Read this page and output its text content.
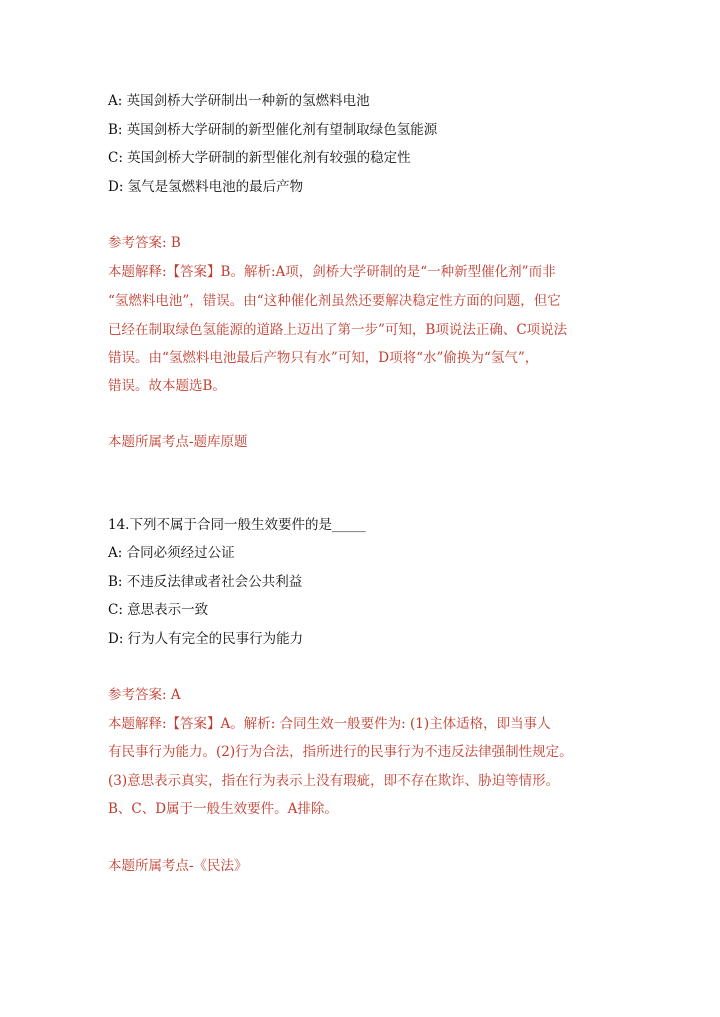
A: 英国剑桥大学研制出一种新的氢燃料电池
B: 英国剑桥大学研制的新型催化剂有望制取绿色氢能源
C: 英国剑桥大学研制的新型催化剂有较强的稳定性
D: 氢气是氢燃料电池的最后产物
参考答案: B
本题解释:【答案】B。解析:A项，剑桥大学研制的是“一种新型催化剂”而非
“氢燃料电池”，错误。由“这种催化剂虽然还要解决稳定性方面的问题，但它
已经在制取绿色氢能源的道路上迈出了第一步”可知，B项说法正确、C项说法
错误。由“氢燃料电池最后产物只有水”可知，D项将“水”偷换为“氢气”，
错误。故本题选B。
本题所属考点-题库原题
14.下列不属于合同一般生效要件的是_____
A: 合同必须经过公证
B: 不违反法律或者社会公共利益
C: 意思表示一致
D: 行为人有完全的民事行为能力
参考答案: A
本题解释:【答案】A。解析: 合同生效一般要件为: (1)主体适格，即当事人
有民事行为能力。(2)行为合法，指所进行的民事行为不违反法律强制性规定。
(3)意思表示真实，指在行为表示上没有瑕疵，即不存在欺诈、胁迫等情形。
B、C、D属于一般生效要件。A排除。
本题所属考点-《民法》
